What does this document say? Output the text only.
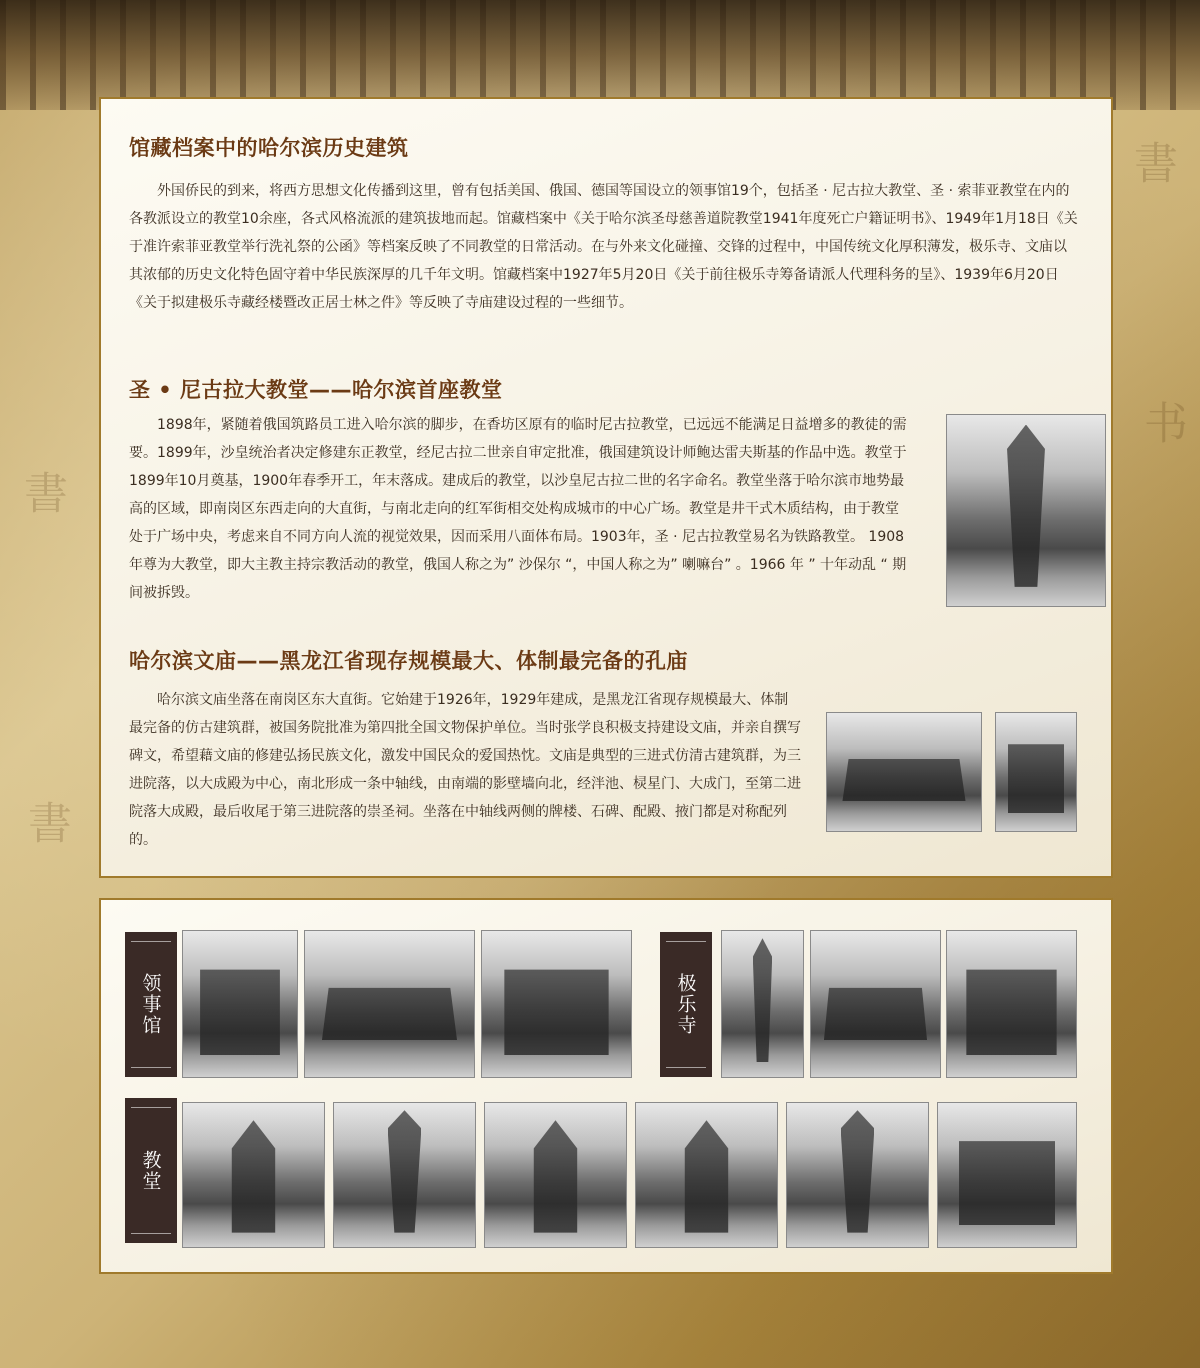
書
书
書
書
馆藏档案中的哈尔滨历史建筑

外国侨民的到来，将西方思想文化传播到这里，曾有包括美国、俄国、德国等国设立的领事馆19个，包括圣 · 尼古拉大教堂、圣 · 索菲亚教堂在内的各教派设立的教堂10余座，各式风格流派的建筑拔地而起。馆藏档案中《关于哈尔滨圣母慈善道院教堂1941年度死亡户籍证明书》、1949年1月18日《关于准许索菲亚教堂举行洗礼祭的公函》等档案反映了不同教堂的日常活动。在与外来文化碰撞、交锋的过程中，中国传统文化厚积薄发，极乐寺、文庙以其浓郁的历史文化特色固守着中华民族深厚的几千年文明。馆藏档案中1927年5月20日《关于前往极乐寺筹备请派人代理科务的呈》、1939年6月20日《关于拟建极乐寺藏经楼暨改正居士林之件》等反映了寺庙建设过程的一些细节。

圣 • 尼古拉大教堂——哈尔滨首座教堂

1898年，紧随着俄国筑路员工进入哈尔滨的脚步，在香坊区原有的临时尼古拉教堂，已远远不能满足日益增多的教徒的需要。1899年，沙皇统治者决定修建东正教堂，经尼古拉二世亲自审定批准，俄国建筑设计师鲍达雷夫斯基的作品中选。教堂于1899年10月奠基，1900年春季开工，年末落成。建成后的教堂，以沙皇尼古拉二世的名字命名。教堂坐落于哈尔滨市地势最高的区域，即南岗区东西走向的大直街，与南北走向的红军街相交处构成城市的中心广场。教堂是井干式木质结构，由于教堂处于广场中央，考虑来自不同方向人流的视觉效果，因而采用八面体布局。1903年，圣 · 尼古拉教堂易名为铁路教堂。 1908 年尊为大教堂，即大主教主持宗教活动的教堂，俄国人称之为” 沙保尔 “，中国人称之为” 喇嘛台” 。1966 年 ” 十年动乱 “ 期间被拆毁。

哈尔滨文庙——黑龙江省现存规模最大、体制最完备的孔庙

哈尔滨文庙坐落在南岗区东大直街。它始建于1926年，1929年建成，是黑龙江省现存规模最大、体制最完备的仿古建筑群，被国务院批准为第四批全国文物保护单位。当时张学良积极支持建设文庙，并亲自撰写碑文，希望藉文庙的修建弘扬民族文化，激发中国民众的爱国热忱。文庙是典型的三进式仿清古建筑群，为三进院落，以大成殿为中心，南北形成一条中轴线，由南端的影壁墙向北，经泮池、棂星门、大成门，至第二进院落大成殿，最后收尾于第三进院落的崇圣祠。坐落在中轴线两侧的牌楼、石碑、配殿、掖门都是对称配列的。

领事馆	极乐寺
教堂
